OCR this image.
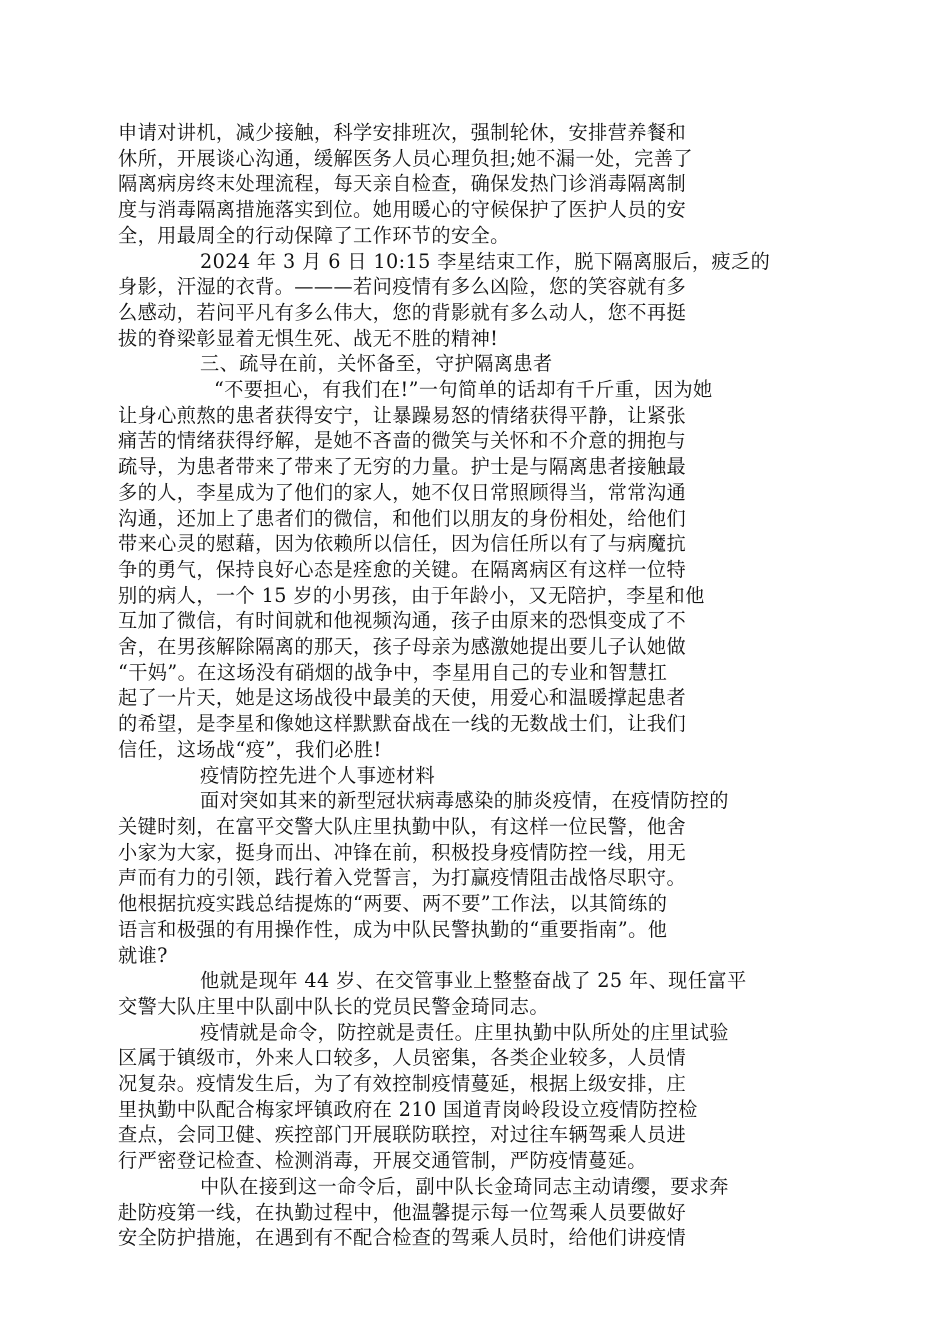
申请对讲机，减少接触，科学安排班次，强制轮休，安排营养餐和
休所，开展谈心沟通，缓解医务人员心理负担;她不漏一处，完善了
隔离病房终末处理流程，每天亲自检查，确保发热门诊消毒隔离制
度与消毒隔离措施落实到位。她用暖心的守候保护了医护人员的安
全，用最周全的行动保障了工作环节的安全。
2024 年 3 月 6 日 10:15 李星结束工作，脱下隔离服后，疲乏的
身影，汗湿的衣背。———若问疫情有多么凶险，您的笑容就有多
么感动，若问平凡有多么伟大，您的背影就有多么动人，您不再挺
拔的脊梁彰显着无惧生死、战无不胜的精神!
三、疏导在前，关怀备至，守护隔离患者
“不要担心，有我们在!”一句简单的话却有千斤重，因为她
让身心煎熬的患者获得安宁，让暴躁易怒的情绪获得平静，让紧张
痛苦的情绪获得纾解，是她不吝啬的微笑与关怀和不介意的拥抱与
疏导，为患者带来了带来了无穷的力量。护士是与隔离患者接触最
多的人，李星成为了他们的家人，她不仅日常照顾得当，常常沟通
沟通，还加上了患者们的微信，和他们以朋友的身份相处，给他们
带来心灵的慰藉，因为依赖所以信任，因为信任所以有了与病魔抗
争的勇气，保持良好心态是痊愈的关键。在隔离病区有这样一位特
别的病人，一个 15 岁的小男孩，由于年龄小，又无陪护，李星和他
互加了微信，有时间就和他视频沟通，孩子由原来的恐惧变成了不
舍，在男孩解除隔离的那天，孩子母亲为感激她提出要儿子认她做
“干妈”。在这场没有硝烟的战争中，李星用自己的专业和智慧扛
起了一片天，她是这场战役中最美的天使，用爱心和温暖撑起患者
的希望，是李星和像她这样默默奋战在一线的无数战士们，让我们
信任，这场战“疫”，我们必胜!
疫情防控先进个人事迹材料
面对突如其来的新型冠状病毒感染的肺炎疫情，在疫情防控的
关键时刻，在富平交警大队庄里执勤中队，有这样一位民警，他舍
小家为大家，挺身而出、冲锋在前，积极投身疫情防控一线，用无
声而有力的引领，践行着入党誓言，为打赢疫情阻击战恪尽职守。
他根据抗疫实践总结提炼的“两要、两不要”工作法，以其简练的
语言和极强的有用操作性，成为中队民警执勤的“重要指南”。他
就谁?
他就是现年 44 岁、在交管事业上整整奋战了 25 年、现任富平
交警大队庄里中队副中队长的党员民警金琦同志。
疫情就是命令，防控就是责任。庄里执勤中队所处的庄里试验
区属于镇级市，外来人口较多，人员密集，各类企业较多，人员情
况复杂。疫情发生后，为了有效控制疫情蔓延，根据上级安排，庄
里执勤中队配合梅家坪镇政府在 210 国道青岗岭段设立疫情防控检
查点，会同卫健、疾控部门开展联防联控，对过往车辆驾乘人员进
行严密登记检查、检测消毒，开展交通管制，严防疫情蔓延。
中队在接到这一命令后，副中队长金琦同志主动请缨，要求奔
赴防疫第一线，在执勤过程中，他温馨提示每一位驾乘人员要做好
安全防护措施，在遇到有不配合检查的驾乘人员时，给他们讲疫情
